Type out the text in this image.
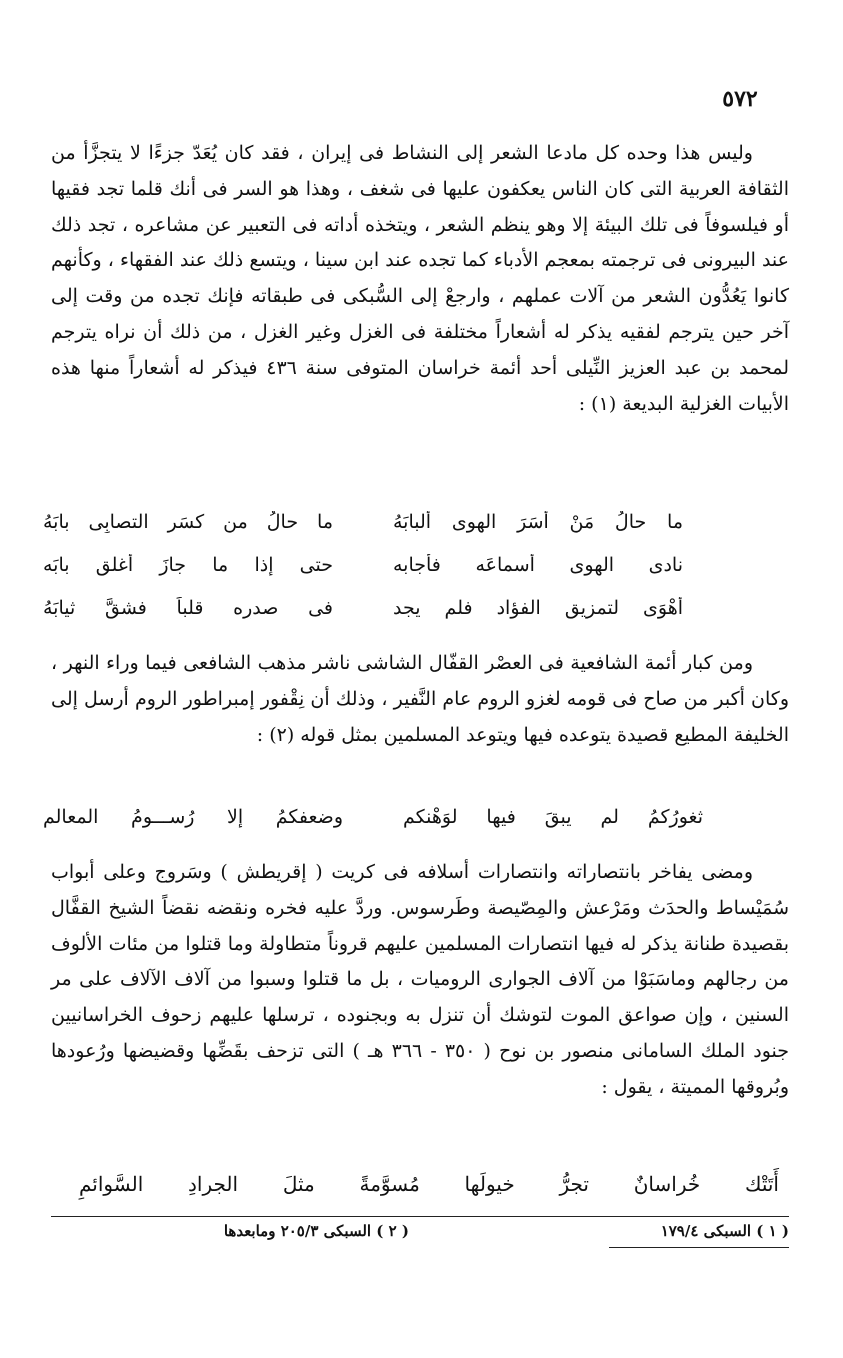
٥٧٢

وليس هذا وحده كل مادعا الشعر إلى النشاط فى إيران ، فقد كان يُعَدّ جزءًا لا يتجزَّأ من الثقافة العربية التى كان الناس يعكفون عليها فى شغف ، وهذا هو السر فى أنك قلما تجد فقيها أو فيلسوفاً فى تلك البيئة إلا وهو ينظم الشعر ، ويتخذه أداته فى التعبير عن مشاعره ، تجد ذلك عند البيرونى فى ترجمته بمعجم الأدباء كما تجده عند ابن سينا ، ويتسع ذلك عند الفقهاء ، وكأنهم كانوا يَعُدُّون الشعر من آلات عملهم ، وارجعْ إلى السُّبكى فى طبقاته فإنك تجده من وقت إلى آخر حين يترجم لفقيه يذكر له أشعاراً مختلفة فى الغزل وغير الغزل ، من ذلك أن نراه يترجم لمحمد بن عبد العزيز النِّيلى أحد أئمة خراسان المتوفى سنة ٤٣٦ فيذكر له أشعاراً منها هذه الأبيات الغزلية البديعة (١) :

ما حالُ مَنْ أَسَرَ الهوى ألبابَهُ
ما حالُ من كسَر التصابِى بابَهُ
نادى الهوى أسماعَه فأجابه
حتى إذا ما جازَ أغلق بابَه
أهْوَى لتمزيق الفؤاد فلم يجد
فى صدرِه قلباً فشقَّ ثيابَهُ

ومن كبار أئمة الشافعية فى العصْر القفّال الشاشى ناشر مذهب الشافعى فيما وراء النهر ، وكان أكبر من صاح فى قومه لغزو الروم عام النَّفير ، وذلك أن نِقْفور إمبراطور الروم أرسل إلى الخليفة المطيع قصيدة يتوعده فيها ويتوعد المسلمين بمثل قوله (٢) :

ثغورُكمُ لم يبقَ فيها لوَهْنكم
وضعفكمُ إلا رُســـومُ المعالمِ

ومضى يفاخر بانتصاراته وانتصارات أسلافه فى كريت ( إقريطش ) وسَروج وعلى أبواب سُمَيْساط والحدَث ومَرْعش والمِصّيصة وطَرسوس. وردَّ عليه فخره ونقضه نقضاً الشيخ القفَّال بقصيدة طنانة يذكر له فيها انتصارات المسلمين عليهم قروناً متطاولة وما قتلوا من مئات الألوف من رجالهم وماسَبَوْا من آلاف الجوارى الروميات ، بل ما قتلوا وسبوا من آلاف الآلاف على مر السنين ، وإن صواعق الموت لتوشك أن تنزل به وبجنوده ، ترسلها عليهم زحوف الخراسانيين جنود الملك السامانى منصور بن نوح ( ٣٥٠ - ٣٦٦ هـ ) التى تزحف بقَضِّها وقضيضها ورُعودها وبُروقها المميتة ، يقول :

أَتَتْك خُراسانٌ تجرُّ خيولَها مُسوَّمةً مثلَ الجرادِ السَّوائمِ
( ١ ) السبكى ١٧٩/٤
( ٢ ) السبكى ٢٠٥/٣ ومابعدها
